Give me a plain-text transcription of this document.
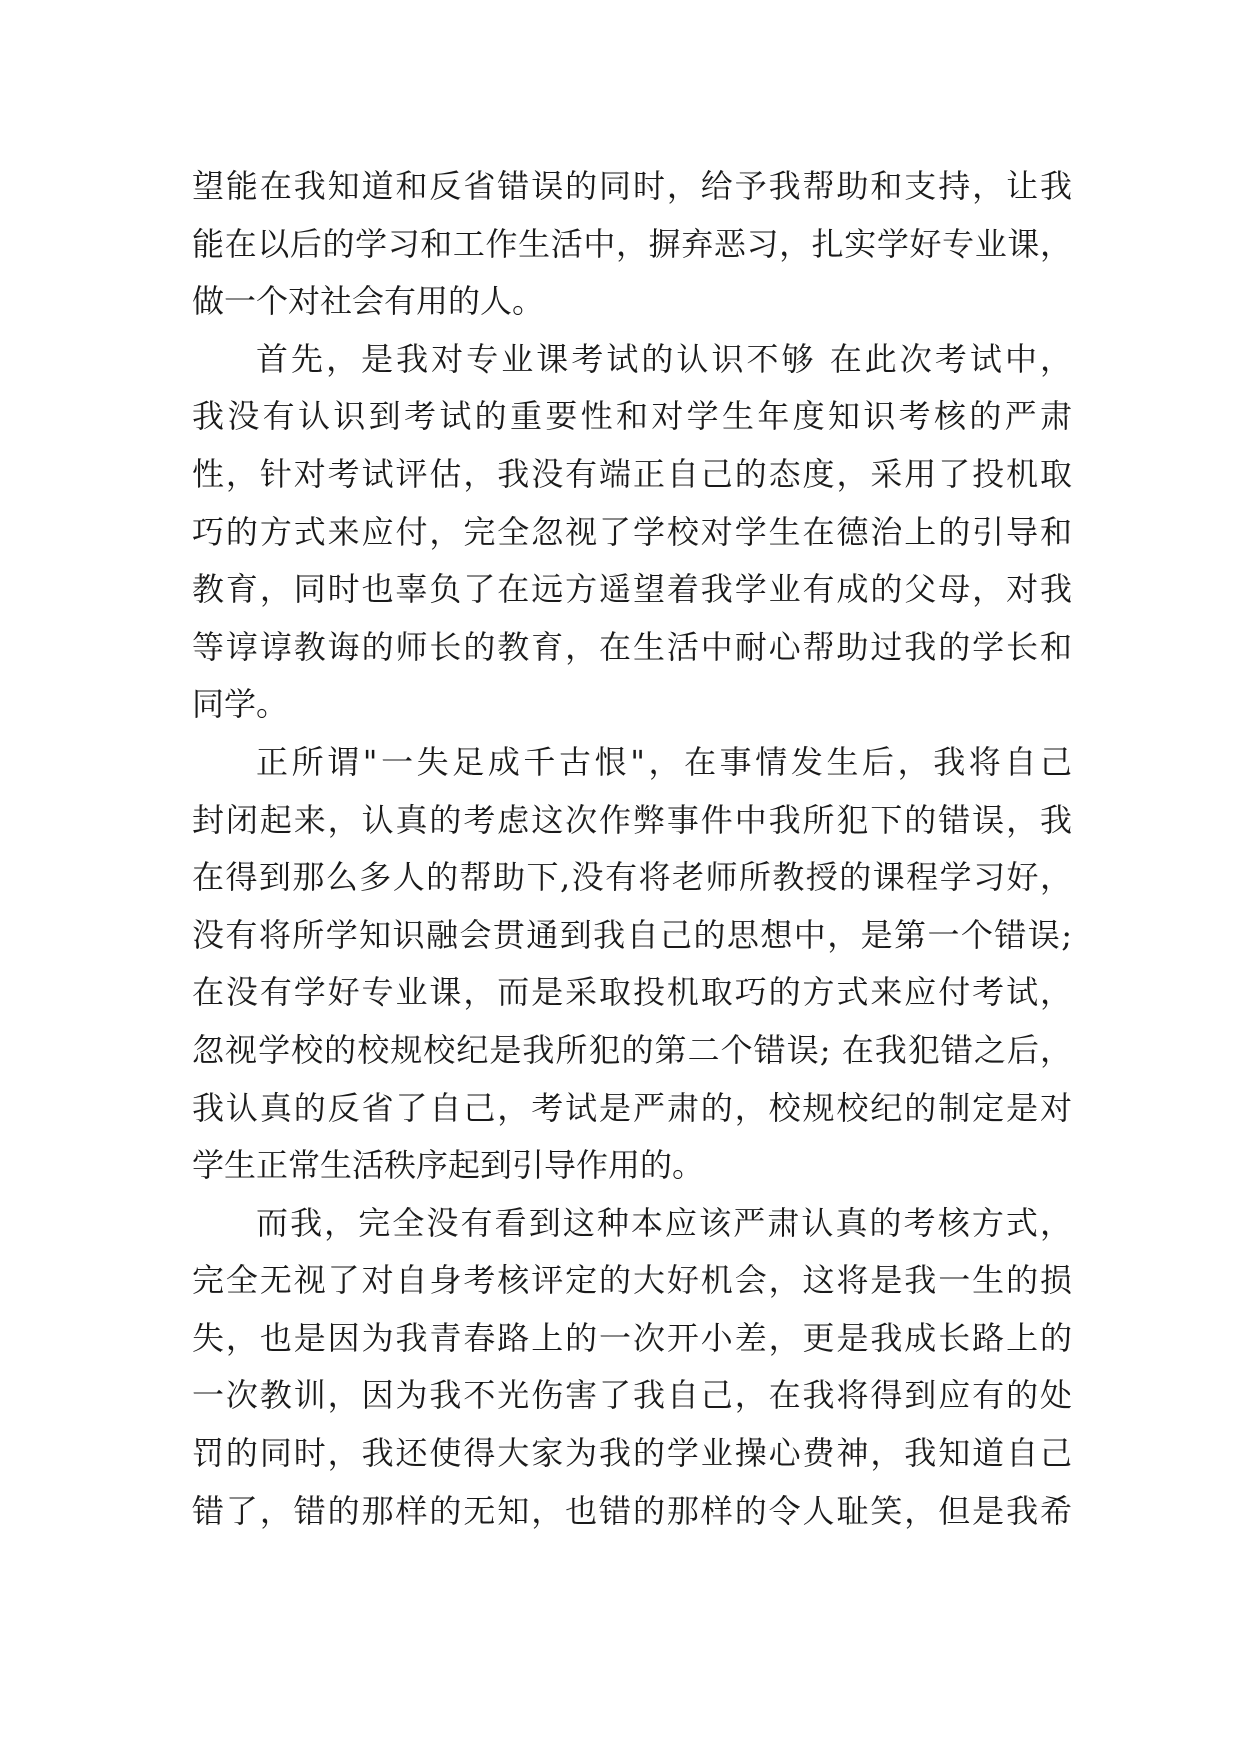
望能在我知道和反省错误的同时，给予我帮助和支持，让我
能在以后的学习和工作生活中，摒弃恶习，扎实学好专业课，
做一个对社会有用的人。
首先，是我对专业课考试的认识不够 在此次考试中，
我没有认识到考试的重要性和对学生年度知识考核的严肃
性，针对考试评估，我没有端正自己的态度，采用了投机取
巧的方式来应付，完全忽视了学校对学生在德治上的引导和
教育，同时也辜负了在远方遥望着我学业有成的父母，对我
等谆谆教诲的师长的教育，在生活中耐心帮助过我的学长和
同学。
正所谓"一失足成千古恨"，在事情发生后，我将自己
封闭起来，认真的考虑这次作弊事件中我所犯下的错误，我
在得到那么多人的帮助下,没有将老师所教授的课程学习好，
没有将所学知识融会贯通到我自己的思想中，是第一个错误;
在没有学好专业课，而是采取投机取巧的方式来应付考试，
忽视学校的校规校纪是我所犯的第二个错误; 在我犯错之后，
我认真的反省了自己，考试是严肃的，校规校纪的制定是对
学生正常生活秩序起到引导作用的。
而我，完全没有看到这种本应该严肃认真的考核方式，
完全无视了对自身考核评定的大好机会，这将是我一生的损
失，也是因为我青春路上的一次开小差，更是我成长路上的
一次教训，因为我不光伤害了我自己，在我将得到应有的处
罚的同时，我还使得大家为我的学业操心费神，我知道自己
错了，错的那样的无知，也错的那样的令人耻笑，但是我希
